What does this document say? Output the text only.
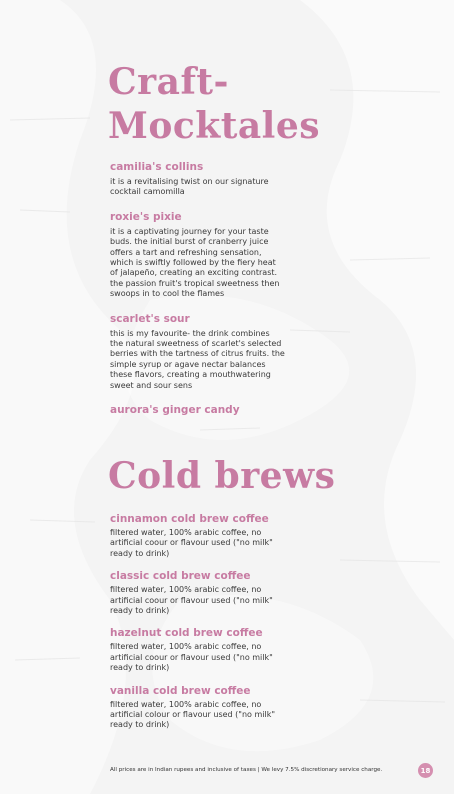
Craft-
Mocktales
camilia's collins

it is a revitalising twist on our signature cocktail camomilla

roxie's pixie

it is a captivating journey for your taste buds. the initial burst of cranberry juice offers a tart and refreshing sensation, which is swiftly followed by the fiery heat of jalapeño, creating an exciting contrast. the passion fruit's tropical sweetness then swoops in to cool the flames

scarlet's sour

this is my favourite- the drink combines the natural sweetness of scarlet's selected berries with the tartness of citrus fruits. the simple syrup or agave nectar balances these flavors, creating a mouthwatering sweet and sour sens

aurora's ginger candy
Cold brews
cinnamon cold brew coffee

filtered water, 100% arabic coffee, no artificial coour or flavour used ("no milk" ready to drink)

classic cold brew coffee

filtered water, 100% arabic coffee, no artificial coour or flavour used ("no milk" ready to drink)

hazelnut cold brew coffee

filtered water, 100% arabic coffee, no artificial coour or flavour used ("no milk" ready to drink)

vanilla cold brew coffee

filtered water, 100% arabic coffee, no artificial colour or flavour used ("no milk" ready to drink)

All prices are in Indian rupees and inclusive of taxes | We levy 7.5% discretionary service charge.	18
